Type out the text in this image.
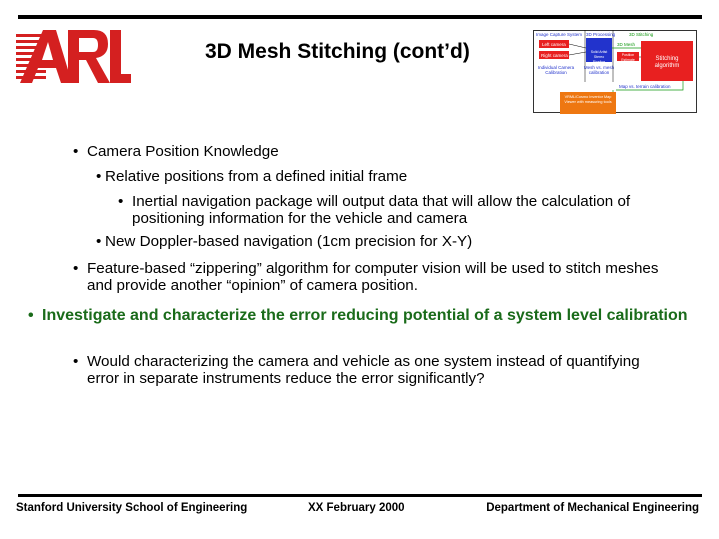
3D Mesh Stitching (cont’d)
Image Capture System 3D Processing	3D Stitching
Left camera
Right camera
Solid Artist Stereo Pipeline
3D Mesh
Position Estimate	Stitching algorithm
Individual Camera Calibration
Mesh vs. mesh calibration
Map vs. terrain calibration
VRML/Cosmo Inventor Map Viewer with measuring tools
• Camera Position Knowledge
• Relative positions from a defined initial frame
• Inertial navigation package will output data that will allow the calculation of positioning information for the vehicle and camera
• New Doppler-based navigation (1cm precision for X-Y)
• Feature-based “zippering” algorithm for computer vision will be used to stitch meshes and provide another “opinion” of camera position.
• Investigate and characterize the error reducing potential of a system level calibration
• Would characterizing the camera and vehicle as one system instead of quantifying error in separate instruments reduce the error significantly?
Stanford University School of Engineering	XX February 2000	Department of Mechanical Engineering
